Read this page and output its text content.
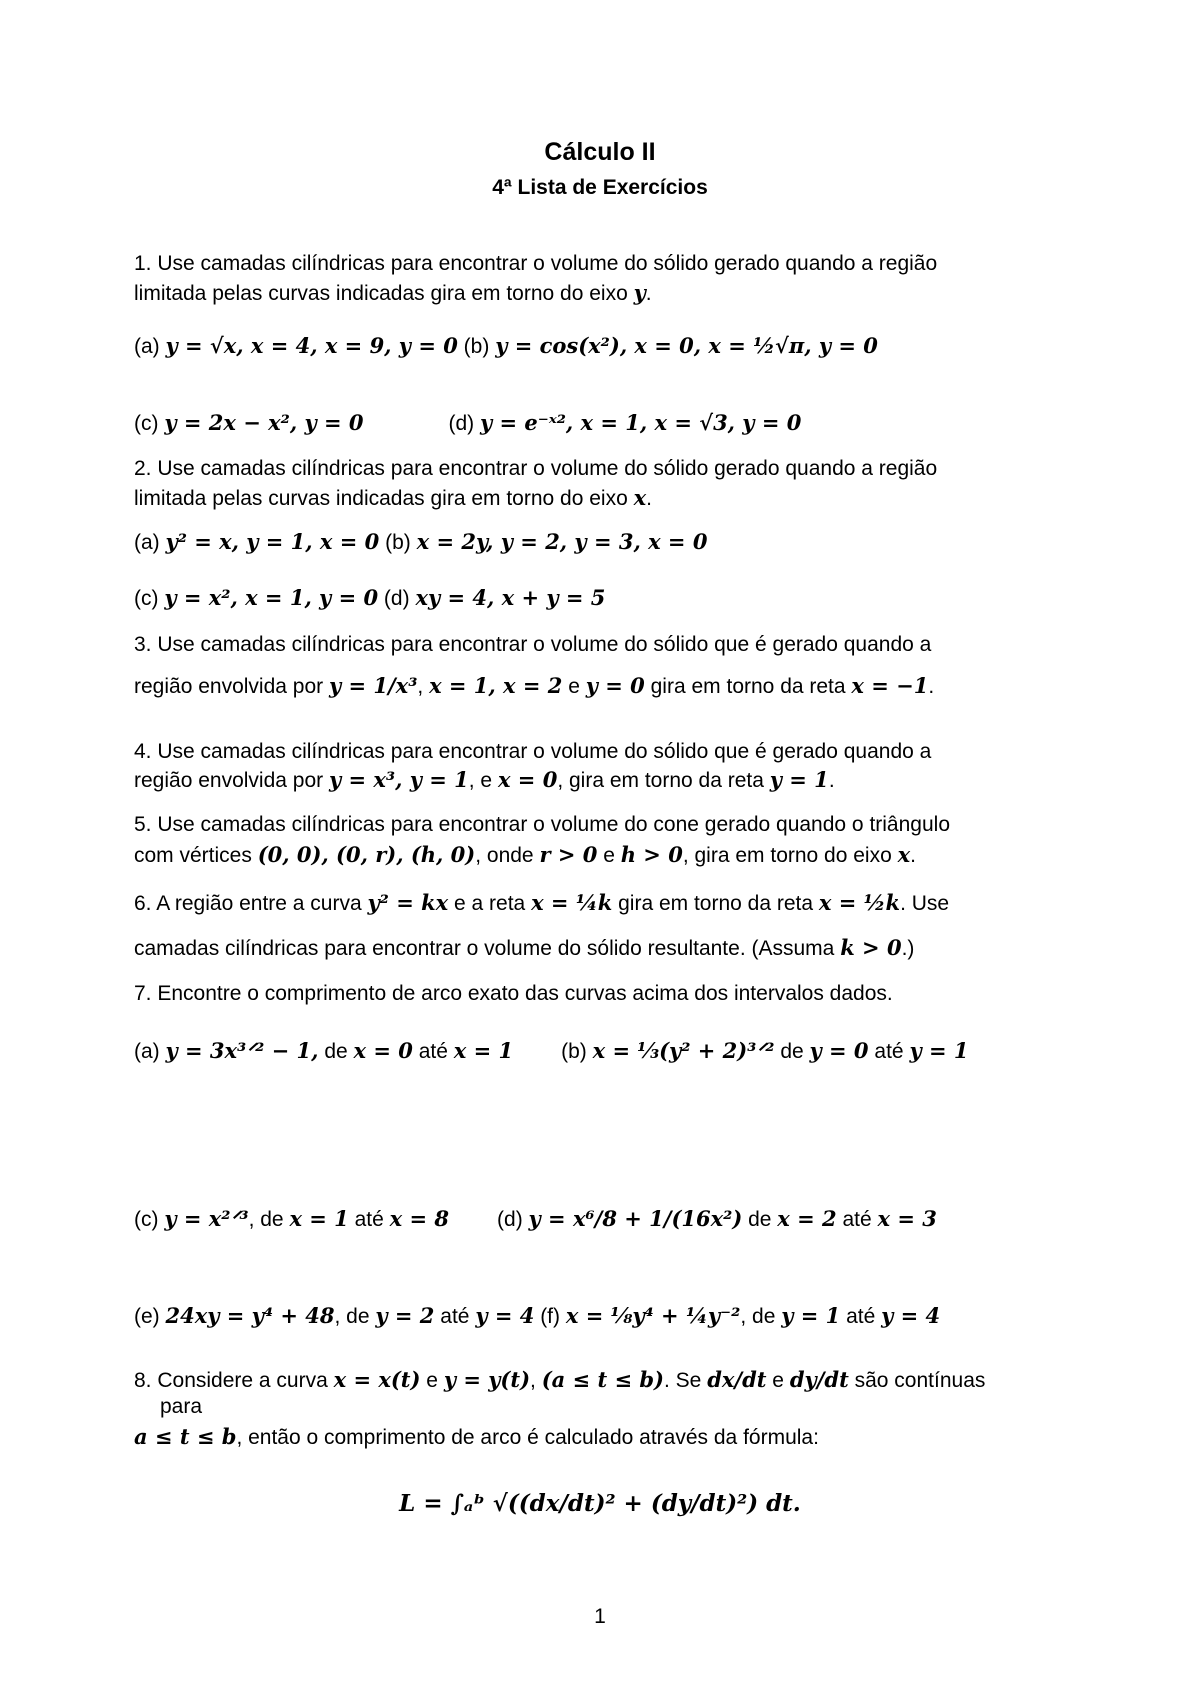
Cálculo II
4ª Lista de Exercícios
1. Use camadas cilíndricas para encontrar o volume do sólido gerado quando a região
limitada pelas curvas indicadas gira em torno do eixo y.
(a) y = √x, x = 4, x = 9, y = 0 (b) y = cos(x²), x = 0, x = ½√π, y = 0
(c) y = 2x − x², y = 0	(d) y = e⁻ˣ², x = 1, x = √3, y = 0
2. Use camadas cilíndricas para encontrar o volume do sólido gerado quando a região
limitada pelas curvas indicadas gira em torno do eixo x.
(a) y² = x, y = 1, x = 0 (b) x = 2y, y = 2, y = 3, x = 0
(c) y = x², x = 1, y = 0 (d) xy = 4, x + y = 5
3. Use camadas cilíndricas para encontrar o volume do sólido que é gerado quando a
região envolvida por y = 1/x³, x = 1, x = 2 e y = 0 gira em torno da reta x = −1.
4. Use camadas cilíndricas para encontrar o volume do sólido que é gerado quando a
região envolvida por y = x³, y = 1, e x = 0, gira em torno da reta y = 1.
5. Use camadas cilíndricas para encontrar o volume do cone gerado quando o triângulo
com vértices (0, 0), (0, r), (h, 0), onde r > 0 e h > 0, gira em torno do eixo x.
6. A região entre a curva y² = kx e a reta x = ¼k gira em torno da reta x = ½k. Use
camadas cilíndricas para encontrar o volume do sólido resultante. (Assuma k > 0.)
7. Encontre o comprimento de arco exato das curvas acima dos intervalos dados.
(a) y = 3x³ᐟ² − 1, de x = 0 até x = 1 (b) x = ⅓(y² + 2)³ᐟ² de y = 0 até y = 1
(c) y = x²ᐟ³, de x = 1 até x = 8 (d) y = x⁶/8 + 1/(16x²) de x = 2 até x = 3
(e) 24xy = y⁴ + 48, de y = 2 até y = 4 (f) x = ⅛y⁴ + ¼y⁻², de y = 1 até y = 4
8. Considere a curva x = x(t) e y = y(t), (a ≤ t ≤ b). Se dx/dt e dy/dt são contínuas
para
a ≤ t ≤ b, então o comprimento de arco é calculado através da fórmula:
L = ∫ₐᵇ √((dx/dt)² + (dy/dt)²) dt.
1
